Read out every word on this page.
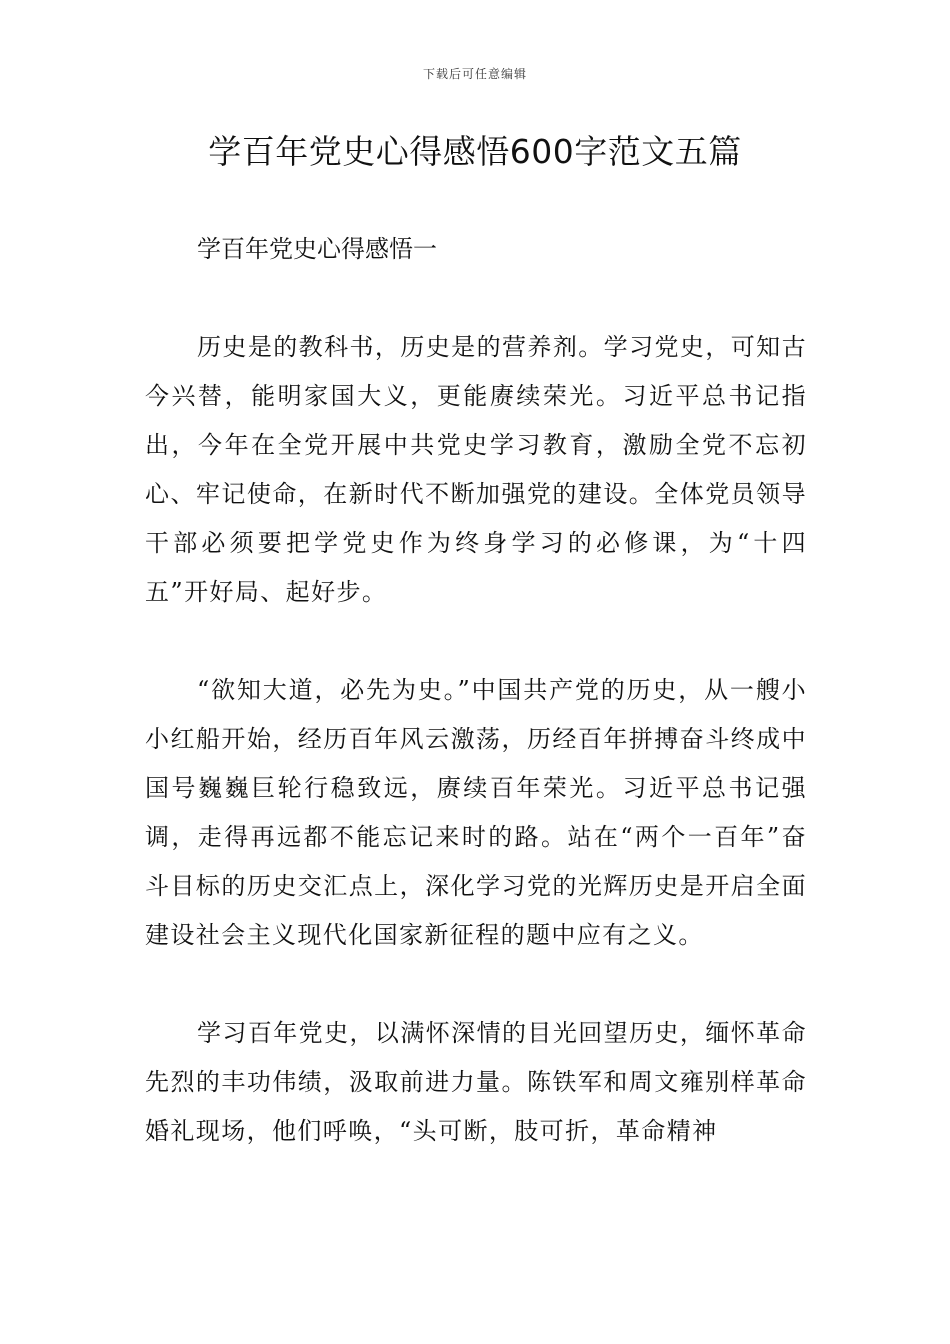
下载后可任意编辑
学百年党史心得感悟600字范文五篇

学百年党史心得感悟一

历史是的教科书，历史是的营养剂。学习党史，可知古今兴替，能明家国大义，更能赓续荣光。习近平总书记指出，今年在全党开展中共党史学习教育，激励全党不忘初心、牢记使命，在新时代不断加强党的建设。全体党员领导干部必须要把学党史作为终身学习的必修课，为“十四五”开好局、起好步。

“欲知大道，必先为史。”中国共产党的历史，从一艘小小红船开始，经历百年风云激荡，历经百年拼搏奋斗终成中国号巍巍巨轮行稳致远，赓续百年荣光。习近平总书记强调，走得再远都不能忘记来时的路。站在“两个一百年”奋斗目标的历史交汇点上，深化学习党的光辉历史是开启全面建设社会主义现代化国家新征程的题中应有之义。

学习百年党史，以满怀深情的目光回望历史，缅怀革命先烈的丰功伟绩，汲取前进力量。陈铁军和周文雍别样革命婚礼现场，他们呼唤，“头可断，肢可折，革命精神
